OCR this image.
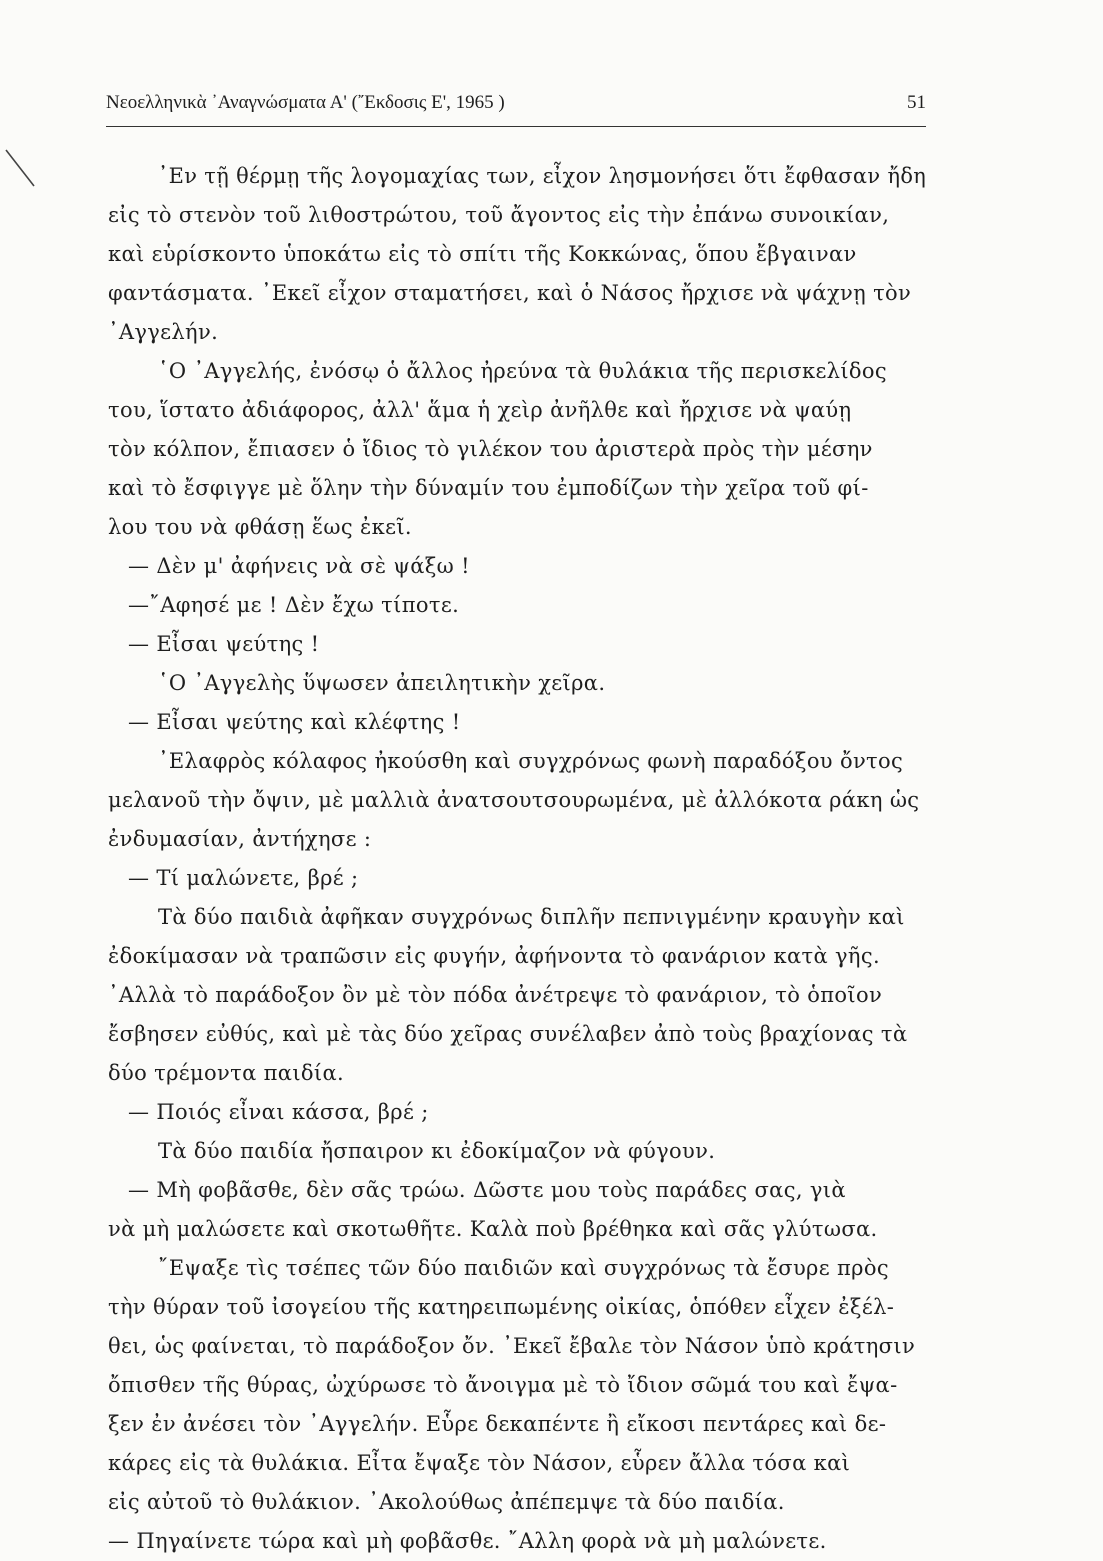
Νεοελληνικὰ ᾿Αναγνώσματα Α' (῎Εκδοσις Ε', 1965 )	51
᾿Εν τῇ θέρμῃ τῆς λογομαχίας των, εἶχον λησμονήσει ὅτι ἔφθασαν ἤδη
εἰς τὸ στενὸν τοῦ λιθοστρώτου, τοῦ ἄγοντος εἰς τὴν ἐπάνω συνοικίαν,
καὶ εὑρίσκοντο ὑποκάτω εἰς τὸ σπίτι τῆς Κοκκώνας, ὅπου ἔβγαιναν
φαντάσματα. ᾿Εκεῖ εἶχον σταματήσει, καὶ ὁ Νάσος ἤρχισε νὰ ψάχνῃ τὸν
᾿Αγγελήν.
῾Ο ᾿Αγγελής, ἐνόσῳ ὁ ἄλλος ἠρεύνα τὰ θυλάκια τῆς περισκελίδος
του, ἵστατο ἀδιάφορος, ἀλλ' ἅμα ἡ χεὶρ ἀνῆλθε καὶ ἤρχισε νὰ ψαύῃ
τὸν κόλπον, ἔπιασεν ὁ ἴδιος τὸ γιλέκον του ἀριστερὰ πρὸς τὴν μέσην
καὶ τὸ ἔσφιγγε μὲ ὅλην τὴν δύναμίν του ἐμποδίζων τὴν χεῖρα τοῦ φί-
λου του νὰ φθάσῃ ἕως ἐκεῖ.
— Δὲν μ' ἀφήνεις νὰ σὲ ψάξω !
—῎Αφησέ με ! Δὲν ἔχω τίποτε.
— Εἶσαι ψεύτης !
῾Ο ᾿Αγγελὴς ὕψωσεν ἀπειλητικὴν χεῖρα.
— Εἶσαι ψεύτης καὶ κλέφτης !
᾿Ελαφρὸς κόλαφος ἠκούσθη καὶ συγχρόνως φωνὴ παραδόξου ὄντος
μελανοῦ τὴν ὄψιν, μὲ μαλλιὰ ἀνατσουτσουρωμένα, μὲ ἀλλόκοτα ράκη ὡς
ἐνδυμασίαν, ἀντήχησε :
— Τί μαλώνετε, βρέ ;
Τὰ δύο παιδιὰ ἀφῆκαν συγχρόνως διπλῆν πεπνιγμένην κραυγὴν καὶ
ἐδοκίμασαν νὰ τραπῶσιν εἰς φυγήν, ἀφήνοντα τὸ φανάριον κατὰ γῆς.
᾿Αλλὰ τὸ παράδοξον ὂν μὲ τὸν πόδα ἀνέτρεψε τὸ φανάριον, τὸ ὁποῖον
ἔσβησεν εὐθύς, καὶ μὲ τὰς δύο χεῖρας συνέλαβεν ἀπὸ τοὺς βραχίονας τὰ
δύο τρέμοντα παιδία.
— Ποιός εἶναι κάσσα, βρέ ;
Τὰ δύο παιδία ἤσπαιρον κι ἐδοκίμαζον νὰ φύγουν.
— Μὴ φοβᾶσθε, δὲν σᾶς τρώω. Δῶστε μου τοὺς παράδες σας, γιὰ
νὰ μὴ μαλώσετε καὶ σκοτωθῆτε. Καλὰ ποὺ βρέθηκα καὶ σᾶς γλύτωσα.
῎Εψαξε τὶς τσέπες τῶν δύο παιδιῶν καὶ συγχρόνως τὰ ἔσυρε πρὸς
τὴν θύραν τοῦ ἰσογείου τῆς κατηρειπωμένης οἰκίας, ὁπόθεν εἶχεν ἐξέλ-
θει, ὡς φαίνεται, τὸ παράδοξον ὄν. ᾿Εκεῖ ἔβαλε τὸν Νάσον ὑπὸ κράτησιν
ὄπισθεν τῆς θύρας, ὠχύρωσε τὸ ἄνοιγμα μὲ τὸ ἴδιον σῶμά του καὶ ἔψα-
ξεν ἐν ἀνέσει τὸν ᾿Αγγελήν. Εὗρε δεκαπέντε ἢ εἴκοσι πεντάρες καὶ δε-
κάρες εἰς τὰ θυλάκια. Εἶτα ἔψαξε τὸν Νάσον, εὗρεν ἄλλα τόσα καὶ
εἰς αὐτοῦ τὸ θυλάκιον. ᾿Ακολούθως ἀπέπεμψε τὰ δύο παιδία.
— Πηγαίνετε τώρα καὶ μὴ φοβᾶσθε. ῎Αλλη φορὰ νὰ μὴ μαλώνετε.
